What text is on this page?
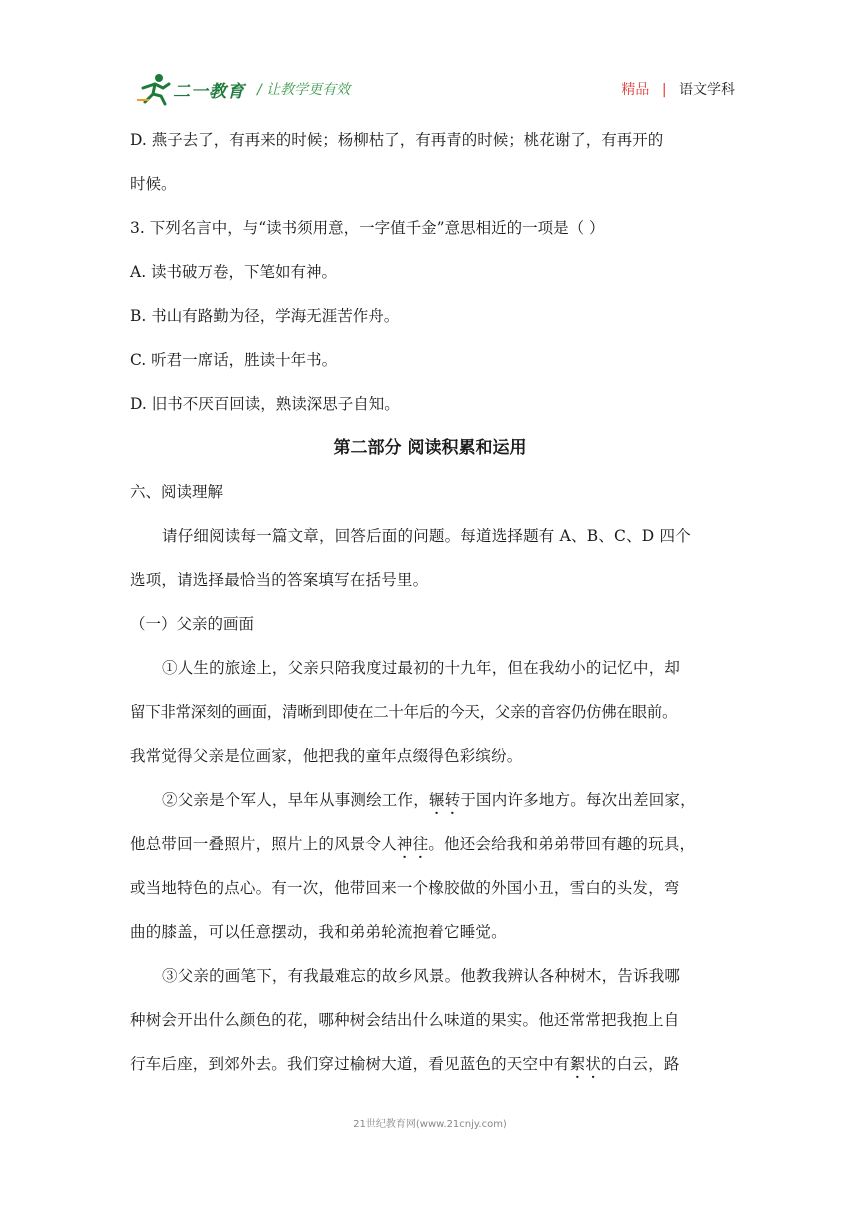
二一教育 / 让教学更有效	精品 | 语文学科
D. 燕子去了，有再来的时候；杨柳枯了，有再青的时候；桃花谢了，有再开的
时候。
3. 下列名言中，与“读书须用意，一字值千金”意思相近的一项是（ ）
A. 读书破万卷，下笔如有神。
B. 书山有路勤为径，学海无涯苦作舟。
C. 听君一席话，胜读十年书。
D. 旧书不厌百回读，熟读深思子自知。
第二部分 阅读积累和运用
六、阅读理解
请仔细阅读每一篇文章，回答后面的问题。每道选择题有 A、B、C、D 四个
选项，请选择最恰当的答案填写在括号里。
（一）父亲的画面
①人生的旅途上，父亲只陪我度过最初的十九年，但在我幼小的记忆中，却
留下非常深刻的画面，清晰到即使在二十年后的今天，父亲的音容仍仿佛在眼前。
我常觉得父亲是位画家，他把我的童年点缀得色彩缤纷。
②父亲是个军人，早年从事测绘工作，辗转于国内许多地方。每次出差回家，
他总带回一叠照片，照片上的风景令人神往。他还会给我和弟弟带回有趣的玩具，
或当地特色的点心。有一次，他带回来一个橡胶做的外国小丑，雪白的头发，弯
曲的膝盖，可以任意摆动，我和弟弟轮流抱着它睡觉。
③父亲的画笔下，有我最难忘的故乡风景。他教我辨认各种树木，告诉我哪
种树会开出什么颜色的花，哪种树会结出什么味道的果实。他还常常把我抱上自
行车后座，到郊外去。我们穿过榆树大道，看见蓝色的天空中有絮状的白云，路
21世纪教育网(www.21cnjy.com)
